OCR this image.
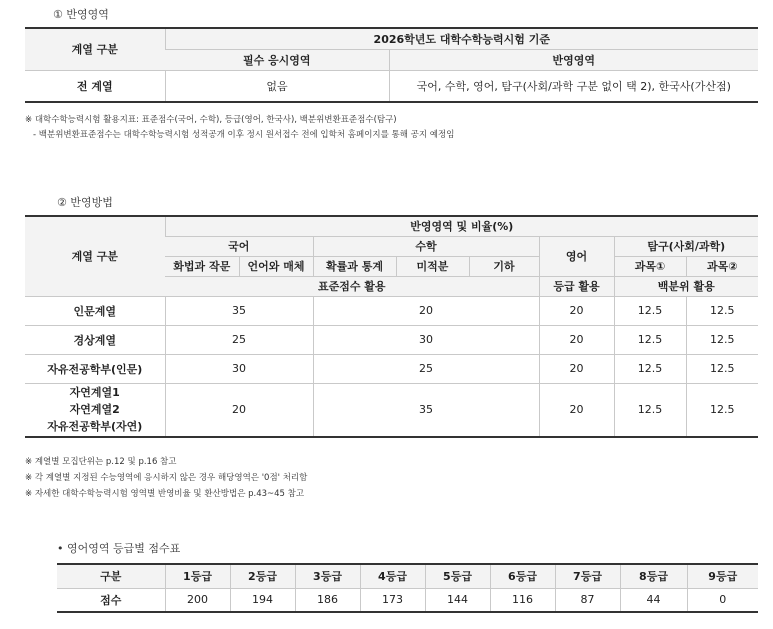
① 반영영역
계열 구분	2026학년도 대학수학능력시험 기준	
	필수 응시영역	반영영역
전 계열	없음	국어, 수학, 영어, 탐구(사회/과학 구분 없이 택 2), 한국사(가산점)
※ 대학수학능력시험 활용지표: 표준점수(국어, 수학), 등급(영어, 한국사), 백분위변환표준점수(탐구)
- 백분위변환표준점수는 대학수학능력시험 성적공개 이후 정시 원서접수 전에 입학처 홈페이지를 통해 공지 예정임
② 반영방법
계열 구분	반영영역 및 비율(%)							
	국어		수학			영어	탐구(사회/과학)	
	화법과 작문	언어와 매체	확률과 통계	미적분	기하		과목①	과목②
	표준점수 활용					등급 활용	백분위 활용	
인문계열	35		20			20	12.5	12.5
경상계열	25		30			20	12.5	12.5
자유전공학부(인문)	30		25			20	12.5	12.5

자연계열1
자연계열2
자유전공학부(자연)	20		35			20	12.5	12.5
※ 계열별 모집단위는 p.12 및 p.16 참고
※ 각 계열별 지정된 수능영역에 응시하지 않은 경우 해당영역은 '0점' 처리함
※ 자세한 대학수학능력시험 영역별 반영비율 및 환산방법은 p.43~45 참고
• 영어영역 등급별 점수표
구분	1등급	2등급	3등급	4등급	5등급	6등급	7등급	8등급	9등급
점수	200	194	186	173	144	116	87	44	0
